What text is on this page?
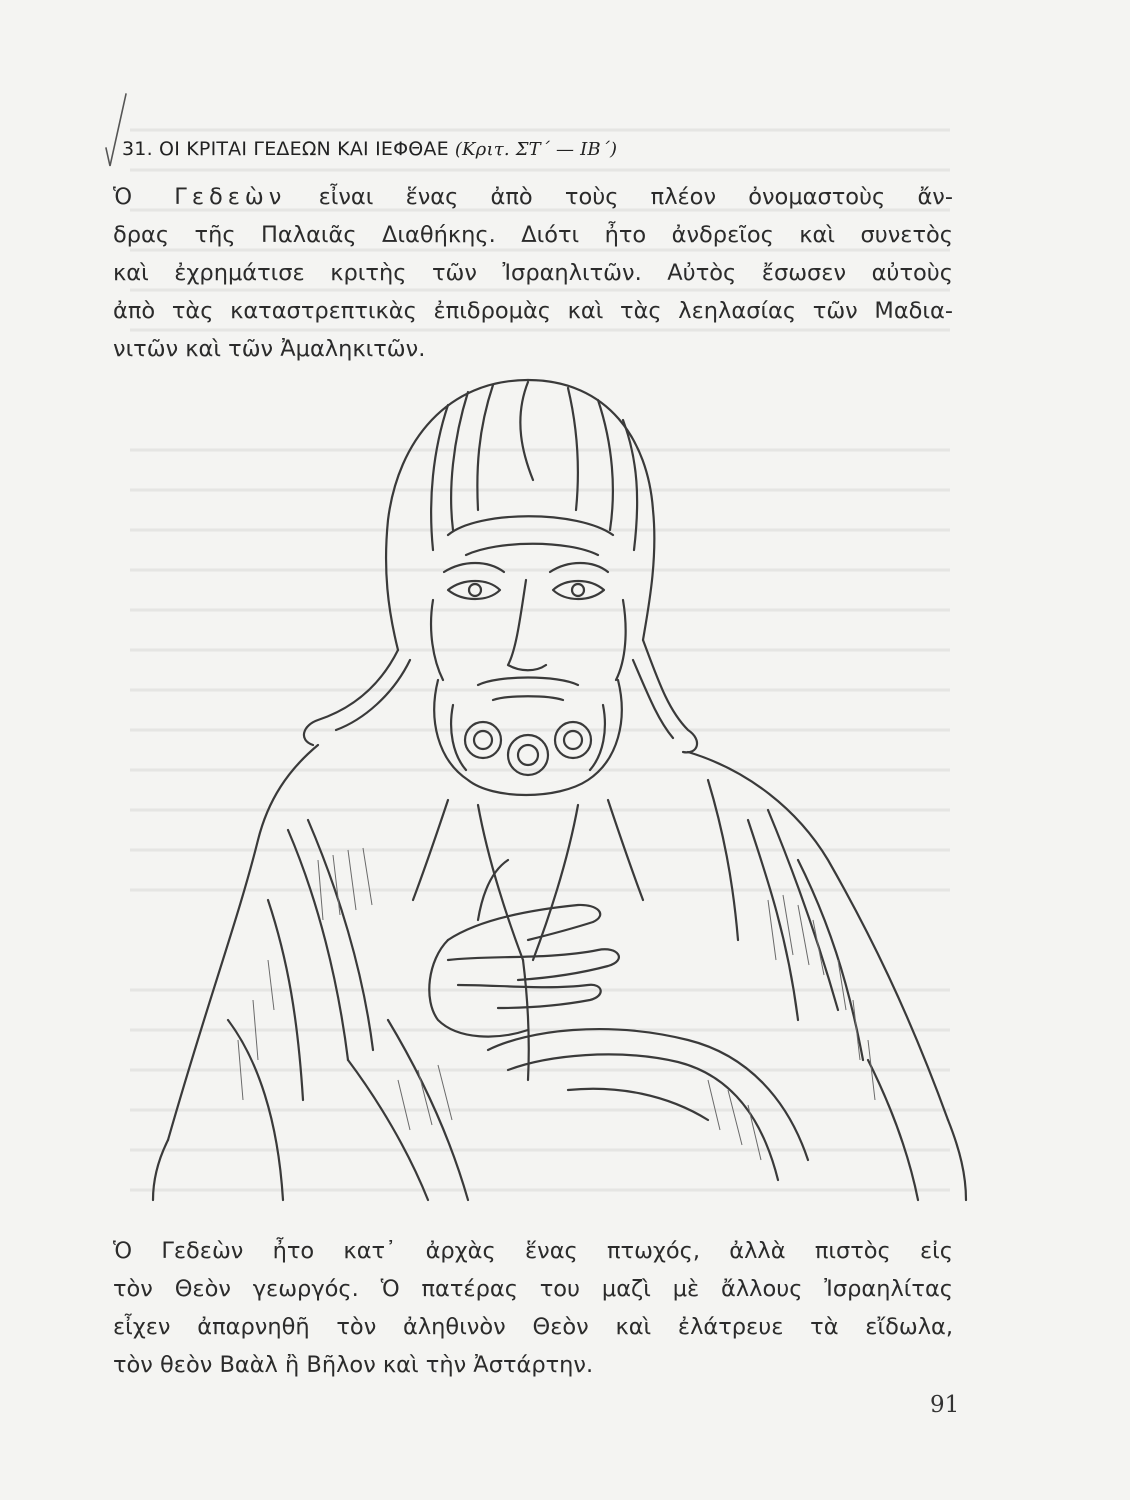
31. ΟΙ ΚΡΙΤΑΙ ΓΕΔΕΩΝ ΚΑΙ ΙΕΦΘΑΕ (Κριτ. ΣΤ΄ — ΙΒ΄)
Ὁ Γεδεὼν εἶναι ἕνας ἀπὸ τοὺς πλέον ὀνομαστοὺς ἄν-
δρας τῆς Παλαιᾶς Διαθήκης. Διότι ἦτο ἀνδρεῖος καὶ συνετὸς
καὶ ἐχρημάτισε κριτὴς τῶν Ἰσραηλιτῶν. Αὐτὸς ἔσωσεν αὐτοὺς
ἀπὸ τὰς καταστρεπτικὰς ἐπιδρομὰς καὶ τὰς λεηλασίας τῶν Μαδια-
νιτῶν καὶ τῶν Ἀμαληκιτῶν.
Ὁ Γεδεὼν ἦτο κατ᾿ ἀρχὰς ἕνας πτωχός, ἀλλὰ πιστὸς εἰς
τὸν Θεὸν γεωργός. Ὁ πατέρας του μαζὶ μὲ ἄλλους Ἰσραηλίτας
εἶχεν ἀπαρνηθῆ τὸν ἀληθινὸν Θεὸν καὶ ἐλάτρευε τὰ εἴδωλα,
τὸν θεὸν Βαὰλ ἢ Βῆλον καὶ τὴν Ἀστάρτην.
91
